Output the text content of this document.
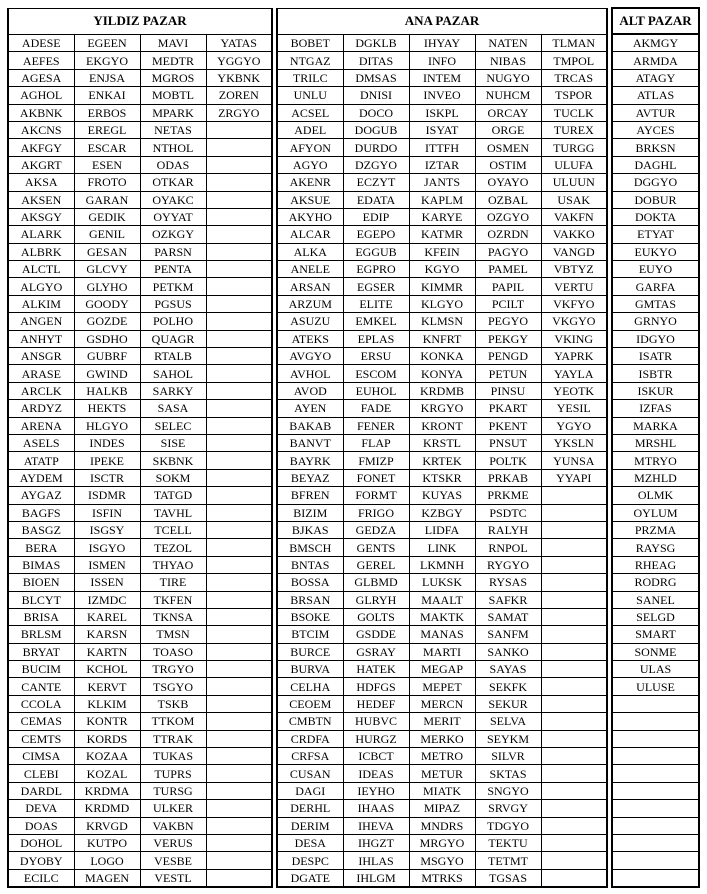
YILDIZ PAZAR					ANA PAZAR						ALT PAZAR
ADESE	EGEEN	MAVI	YATAS		BOBET	DGKLB	IHYAY	NATEN	TLMAN		AKMGY
AEFES	EKGYO	MEDTR	YGGYO		NTGAZ	DITAS	INFO	NIBAS	TMPOL		ARMDA
AGESA	ENJSA	MGROS	YKBNK		TRILC	DMSAS	INTEM	NUGYO	TRCAS		ATAGY
AGHOL	ENKAI	MOBTL	ZOREN		UNLU	DNISI	INVEO	NUHCM	TSPOR		ATLAS
AKBNK	ERBOS	MPARK	ZRGYO		ACSEL	DOCO	ISKPL	ORCAY	TUCLK		AVTUR
AKCNS	EREGL	NETAS			ADEL	DOGUB	ISYAT	ORGE	TUREX		AYCES
AKFGY	ESCAR	NTHOL			AFYON	DURDO	ITTFH	OSMEN	TURGG		BRKSN
AKGRT	ESEN	ODAS			AGYO	DZGYO	IZTAR	OSTIM	ULUFA		DAGHL
AKSA	FROTO	OTKAR			AKENR	ECZYT	JANTS	OYAYO	ULUUN		DGGYO
AKSEN	GARAN	OYAKC			AKSUE	EDATA	KAPLM	OZBAL	USAK		DOBUR
AKSGY	GEDIK	OYYAT			AKYHO	EDIP	KARYE	OZGYO	VAKFN		DOKTA
ALARK	GENIL	OZKGY			ALCAR	EGEPO	KATMR	OZRDN	VAKKO		ETYAT
ALBRK	GESAN	PARSN			ALKA	EGGUB	KFEIN	PAGYO	VANGD		EUKYO
ALCTL	GLCVY	PENTA			ANELE	EGPRO	KGYO	PAMEL	VBTYZ		EUYO
ALGYO	GLYHO	PETKM			ARSAN	EGSER	KIMMR	PAPIL	VERTU		GARFA
ALKIM	GOODY	PGSUS			ARZUM	ELITE	KLGYO	PCILT	VKFYO		GMTAS
ANGEN	GOZDE	POLHO			ASUZU	EMKEL	KLMSN	PEGYO	VKGYO		GRNYO
ANHYT	GSDHO	QUAGR			ATEKS	EPLAS	KNFRT	PEKGY	VKING		IDGYO
ANSGR	GUBRF	RTALB			AVGYO	ERSU	KONKA	PENGD	YAPRK		ISATR
ARASE	GWIND	SAHOL			AVHOL	ESCOM	KONYA	PETUN	YAYLA		ISBTR
ARCLK	HALKB	SARKY			AVOD	EUHOL	KRDMB	PINSU	YEOTK		ISKUR
ARDYZ	HEKTS	SASA			AYEN	FADE	KRGYO	PKART	YESIL		IZFAS
ARENA	HLGYO	SELEC			BAKAB	FENER	KRONT	PKENT	YGYO		MARKA
ASELS	INDES	SISE			BANVT	FLAP	KRSTL	PNSUT	YKSLN		MRSHL
ATATP	IPEKE	SKBNK			BAYRK	FMIZP	KRTEK	POLTK	YUNSA		MTRYO
AYDEM	ISCTR	SOKM			BEYAZ	FONET	KTSKR	PRKAB	YYAPI		MZHLD
AYGAZ	ISDMR	TATGD			BFREN	FORMT	KUYAS	PRKME			OLMK
BAGFS	ISFIN	TAVHL			BIZIM	FRIGO	KZBGY	PSDTC			OYLUM
BASGZ	ISGSY	TCELL			BJKAS	GEDZA	LIDFA	RALYH			PRZMA
BERA	ISGYO	TEZOL			BMSCH	GENTS	LINK	RNPOL			RAYSG
BIMAS	ISMEN	THYAO			BNTAS	GEREL	LKMNH	RYGYO			RHEAG
BIOEN	ISSEN	TIRE			BOSSA	GLBMD	LUKSK	RYSAS			RODRG
BLCYT	IZMDC	TKFEN			BRSAN	GLRYH	MAALT	SAFKR			SANEL
BRISA	KAREL	TKNSA			BSOKE	GOLTS	MAKTK	SAMAT			SELGD
BRLSM	KARSN	TMSN			BTCIM	GSDDE	MANAS	SANFM			SMART
BRYAT	KARTN	TOASO			BURCE	GSRAY	MARTI	SANKO			SONME
BUCIM	KCHOL	TRGYO			BURVA	HATEK	MEGAP	SAYAS			ULAS
CANTE	KERVT	TSGYO			CELHA	HDFGS	MEPET	SEKFK			ULUSE
CCOLA	KLKIM	TSKB			CEOEM	HEDEF	MERCN	SEKUR			
CEMAS	KONTR	TTKOM			CMBTN	HUBVC	MERIT	SELVA			
CEMTS	KORDS	TTRAK			CRDFA	HURGZ	MERKO	SEYKM			
CIMSA	KOZAA	TUKAS			CRFSA	ICBCT	METRO	SILVR			
CLEBI	KOZAL	TUPRS			CUSAN	IDEAS	METUR	SKTAS			
DARDL	KRDMA	TURSG			DAGI	IEYHO	MIATK	SNGYO			
DEVA	KRDMD	ULKER			DERHL	IHAAS	MIPAZ	SRVGY			
DOAS	KRVGD	VAKBN			DERIM	IHEVA	MNDRS	TDGYO			
DOHOL	KUTPO	VERUS			DESA	IHGZT	MRGYO	TEKTU			
DYOBY	LOGO	VESBE			DESPC	IHLAS	MSGYO	TETMT			
ECILC	MAGEN	VESTL			DGATE	IHLGM	MTRKS	TGSAS			
